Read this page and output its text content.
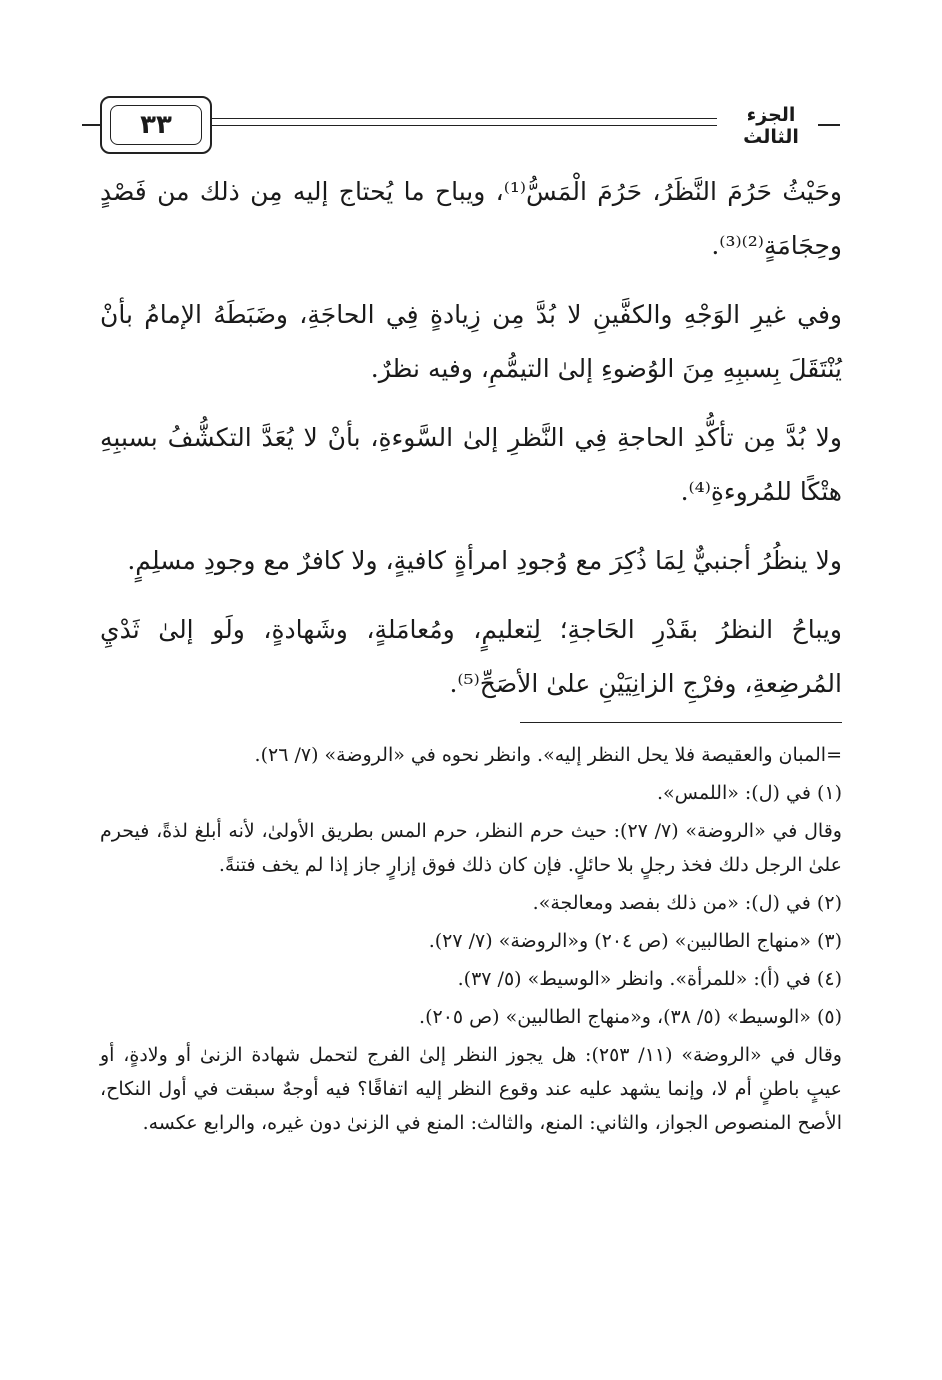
٣٣	الجزء الثالث

وحَيْثُ حَرُمَ النَّظَرُ، حَرُمَ الْمَسُّ⁽¹⁾، ويباح ما يُحتاج إليه مِن ذلك من فَصْدٍ وحِجَامَةٍ⁽²⁾⁽³⁾.

وفي غيرِ الوَجْهِ والكفَّينِ لا بُدَّ مِن زِيادةٍ فِي الحاجَةِ، وضَبَطَهُ الإمامُ بأنْ يُنْتَقَلَ بِسببِهِ مِنَ الوُضوءِ إلىٰ التيمُّمِ، وفيه نظرٌ.

ولا بُدَّ مِن تأكُّدِ الحاجةِ فِي النَّظرِ إلىٰ السَّوءةِ، بأنْ لا يُعَدَّ التكشُّفُ بسببِهِ هتْكًا للمُروءةِ⁽⁴⁾.

ولا ينظُرُ أجنبيٌّ لِمَا ذُكِرَ مع وُجودِ امرأةٍ كافيةٍ، ولا كافرٌ مع وجودِ مسلِمٍ.

ويباحُ النظرُ بقَدْرِ الحَاجةِ؛ لِتعليمٍ، ومُعامَلةٍ، وشَهادةٍ، ولَو إلىٰ ثَدْيِ المُرضِعةِ، وفرْجِ الزانِيَيْنِ علىٰ الأصَحِّ⁽⁵⁾.

=المبان والعقيصة فلا يحل النظر إليه». وانظر نحوه في «الروضة» (٧/ ٢٦).

(١) في (ل): «اللمس».

وقال في «الروضة» (٧/ ٢٧): حيث حرم النظر، حرم المس بطريق الأولىٰ، لأنه أبلغ لذةً، فيحرم علىٰ الرجل دلك فخذ رجلٍ بلا حائلٍ. فإن كان ذلك فوق إزارٍ جاز إذا لم يخف فتنةً.

(٢) في (ل): «من ذلك بفصد ومعالجة».

(٣) «منهاج الطالبين» (ص ٢٠٤) و«الروضة» (٧/ ٢٧).

(٤) في (أ): «للمرأة». وانظر «الوسيط» (٥/ ٣٧).

(٥) «الوسيط» (٥/ ٣٨)، و«منهاج الطالبين» (ص ٢٠٥).

وقال في «الروضة» (١١/ ٢٥٣): هل يجوز النظر إلىٰ الفرج لتحمل شهادة الزنىٰ أو ولادةٍ، أو عيبٍ باطنٍ أم لا، وإنما يشهد عليه عند وقوع النظر إليه اتفاقًا؟ فيه أوجهٌ سبقت في أول النكاح، الأصح المنصوص الجواز، والثاني: المنع، والثالث: المنع في الزنىٰ دون غيره، والرابع عكسه.
